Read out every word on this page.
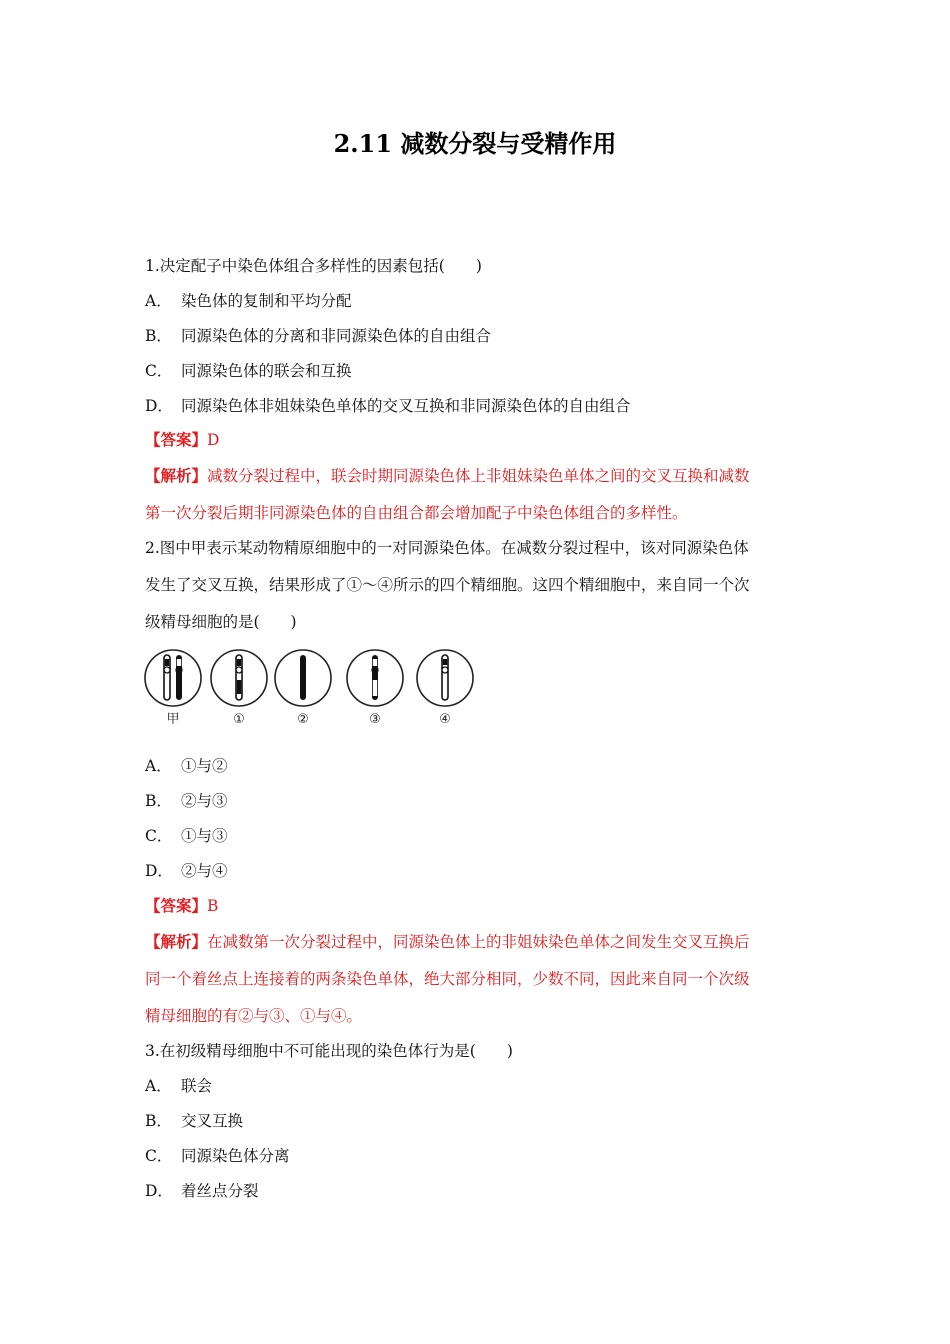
2.11 减数分裂与受精作用
1.决定配子中染色体组合多样性的因素包括(　　)
A． 染色体的复制和平均分配
B． 同源染色体的分离和非同源染色体的自由组合
C． 同源染色体的联会和互换
D． 同源染色体非姐妹染色单体的交叉互换和非同源染色体的自由组合
【答案】D
【解析】减数分裂过程中，联会时期同源染色体上非姐妹染色单体之间的交叉互换和减数
第一次分裂后期非同源染色体的自由组合都会增加配子中染色体组合的多样性。
2.图中甲表示某动物精原细胞中的一对同源染色体。在减数分裂过程中，该对同源染色体
发生了交叉互换，结果形成了①～④所示的四个精细胞。这四个精细胞中，来自同一个次
级精母细胞的是(　　)
甲	①	②	③	④
A． ①与②
B． ②与③
C． ①与③
D． ②与④
【答案】B
【解析】在减数第一次分裂过程中，同源染色体上的非姐妹染色单体之间发生交叉互换后
同一个着丝点上连接着的两条染色单体，绝大部分相同，少数不同，因此来自同一个次级
精母细胞的有②与③、①与④。
3.在初级精母细胞中不可能出现的染色体行为是(　　)
A． 联会
B． 交叉互换
C． 同源染色体分离
D． 着丝点分裂
